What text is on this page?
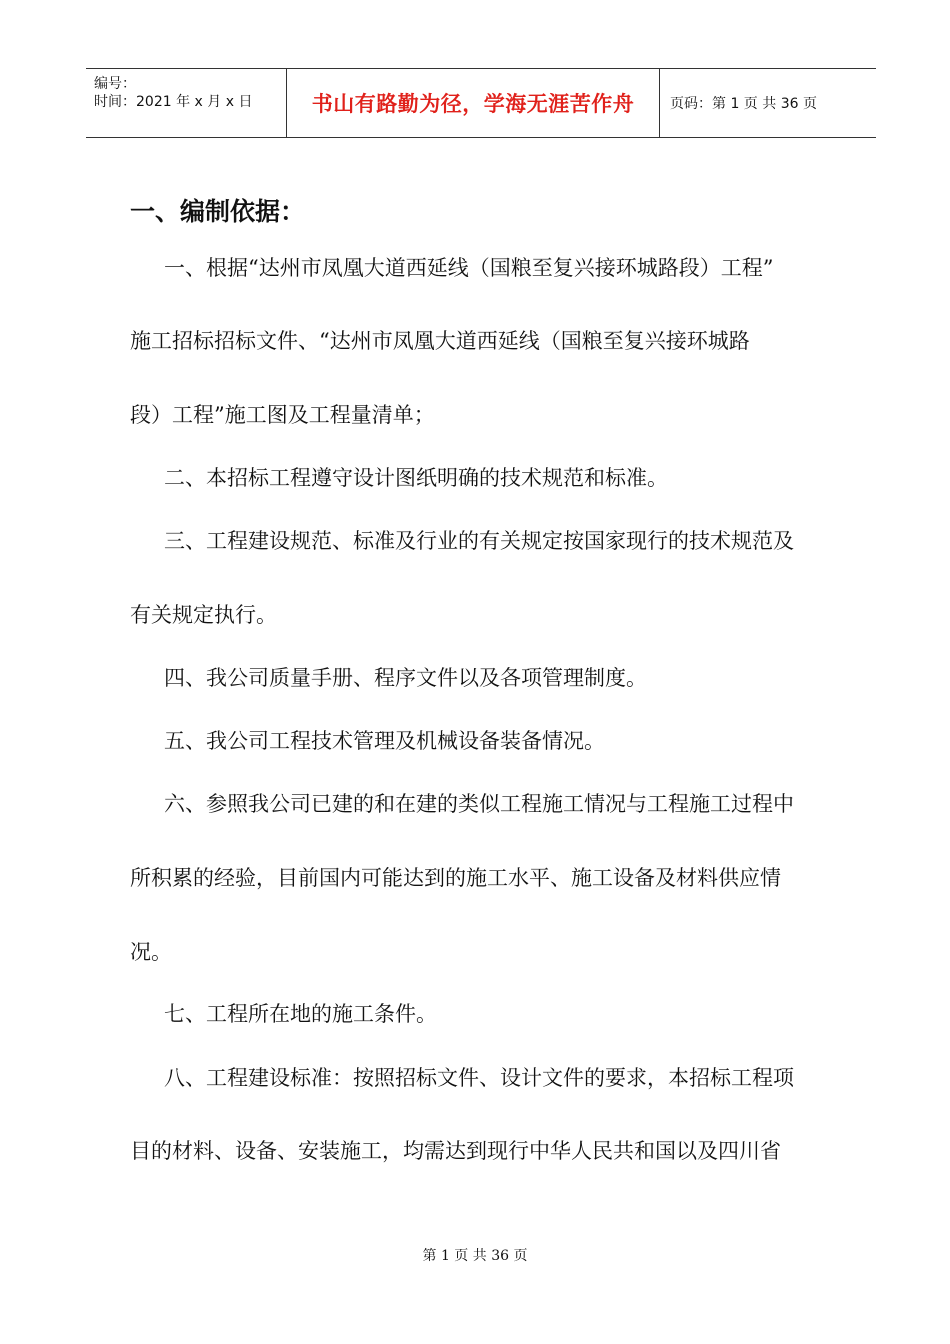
编号：
时间：2021 年 x 月 x 日	书山有路勤为径，学海无涯苦作舟	页码：第 1 页 共 36 页
一、编制依据：
一、根据“达州市凤凰大道西延线（国粮至复兴接环城路段）工程”
施工招标招标文件、“达州市凤凰大道西延线（国粮至复兴接环城路
段）工程”施工图及工程量清单；
二、本招标工程遵守设计图纸明确的技术规范和标准。
三、工程建设规范、标准及行业的有关规定按国家现行的技术规范及
有关规定执行。
四、我公司质量手册、程序文件以及各项管理制度。
五、我公司工程技术管理及机械设备装备情况。
六、参照我公司已建的和在建的类似工程施工情况与工程施工过程中
所积累的经验，目前国内可能达到的施工水平、施工设备及材料供应情
况。
七、工程所在地的施工条件。
八、工程建设标准：按照招标文件、设计文件的要求，本招标工程项
目的材料、设备、安装施工，均需达到现行中华人民共和国以及四川省
第 1 页 共 36 页
